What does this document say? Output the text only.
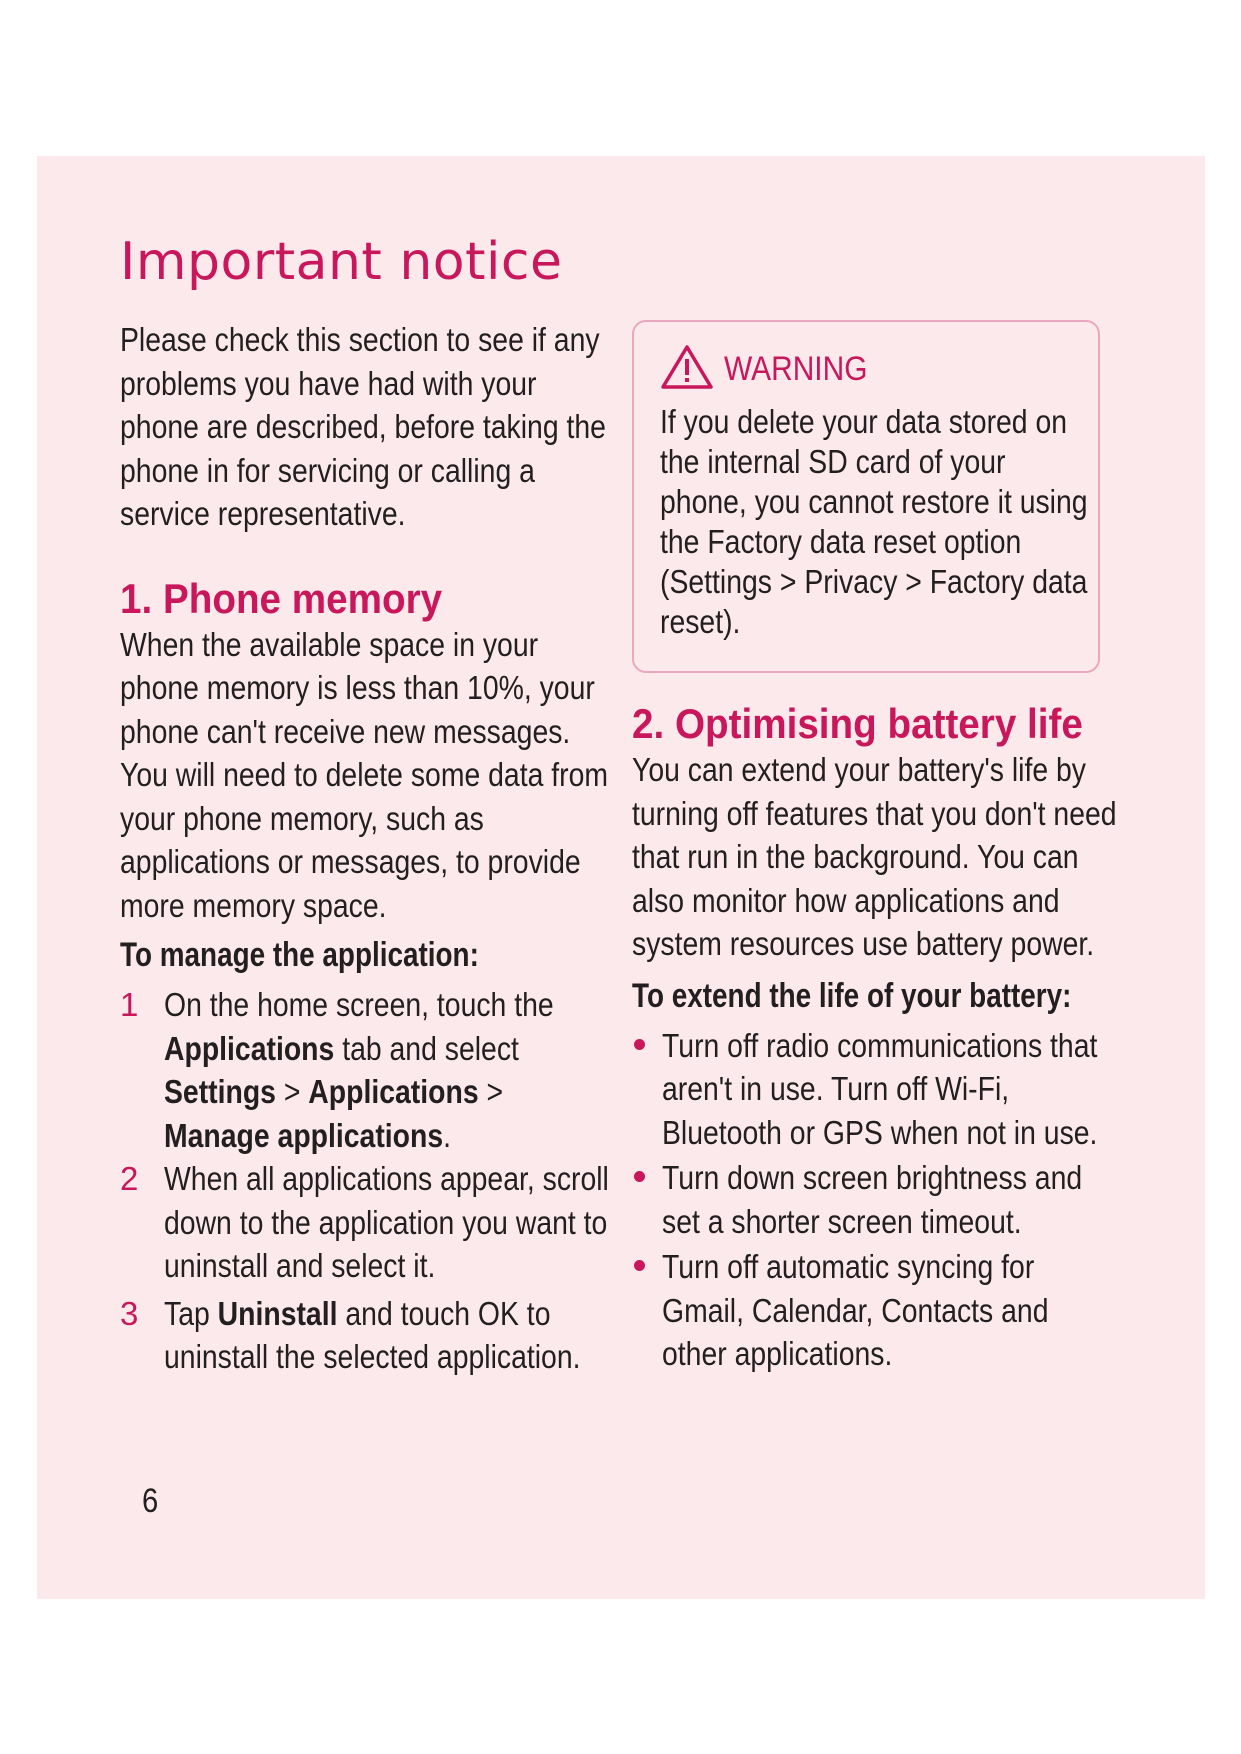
Important notice

Please check this section to see if any problems you have had with your phone are described, before taking the phone in for servicing or calling a service representative.

1. Phone memory

When the available space in your phone memory is less than 10%, your phone can't receive new messages. You will need to delete some data from your phone memory, such as applications or messages, to provide more memory space.

To manage the application:
1 On the home screen, touch the Applications tab and select Settings > Applications > Manage applications.

2 When all applications appear, scroll down to the application you want to uninstall and select it.

3 Tap Uninstall and touch OK to uninstall the selected application.

WARNING

If you delete your data stored on the internal SD card of your phone, you cannot restore it using the Factory data reset option (Settings > Privacy > Factory data reset).

2. Optimising battery life

You can extend your battery's life by turning off features that you don't need that run in the background. You can also monitor how applications and system resources use battery power.

To extend the life of your battery:

Turn off radio communications that aren't in use. Turn off Wi-Fi, Bluetooth or GPS when not in use.

Turn down screen brightness and set a shorter screen timeout.

Turn off automatic syncing for Gmail, Calendar, Contacts and other applications.

6
